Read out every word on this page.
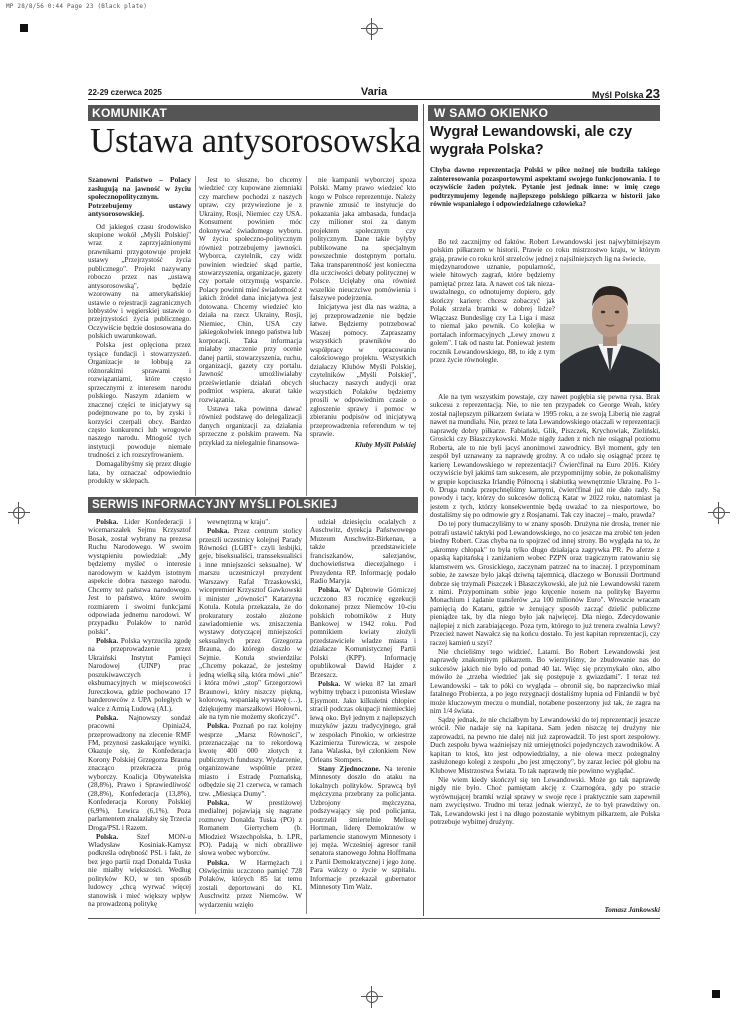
MP 28/8/56 0:44 Page 23 (Black plate)
22-29 czerwca 2025	Varia	Myśl Polska 23
KOMUNIKAT
Ustawa antysorosowska

Szanowni Państwo – Polacy zasługują na jawność w życiu społecznopolitycznym. Potrzebujemy ustawy antysorosowskiej.

Od jakiegoś czasu środowisko skupione wokół „Myśli Polskiej" wraz z zaprzyjaźnionymi prawnikami przygotowuje projekt ustawy „Przejrzystość życia publicznego". Projekt nazywany roboczo przez nas „ustawą antysorosowską", będzie wzorowany na amerykańskiej ustawie o rejestracji zagranicznych lobbystów i węgierskiej ustawie o przejrzystości życia publicznego. Oczywiście będzie dostosowana do polskich uwarunkowań.

Polska jest oplęciona przez tysiące fundacji i stowarzyszeń. Organizacje te lobbują za różnorakimi sprawami i rozwiązaniami, które często sprzecznymi z interesem narodu polskiego. Naszym zdaniem w znacznej części te inicjatywy są podejmowane po to, by zyski i korzyści czerpali obcy. Bardzo często konkurenci lub wrogowie naszego narodu. Mnogość tych instytucji powoduje niemałe trudności z ich rozszyfrowaniem.

Domagalibyśmy się przez długie lata, by oznaczać odpowiednio produkty w sklepach.

Jest to słuszne, bo chcemy wiedzieć czy kupowane ziemniaki czy marchew pochodzi z naszych upraw, czy przywiezione je z Ukrainy, Rosji, Niemiec czy USA. Konsument powinien móc dokonywać świadomego wyboru. W życiu społeczno-politycznym również potrzebujemy jawności. Wyborca, czytelnik, czy widz powinien wiedzieć skąd partie, stowarzyszenia, organizacje, gazety czy portale otrzymują wsparcie. Polacy powinni mieć świadomość z jakich źródeł dana inicjatywa jest dotowana. Chcemy wiedzieć kto działa na rzecz Ukrainy, Rosji, Niemiec, Chin, USA czy jakiegokolwiek innego państwa lub korporacji. Taka informacja miałaby znaczenie przy ocenie danej partii, stowarzyszenia, ruchu, organizacji, gazety czy portalu. Jawność umożliwiałaby prześwietlanie działań obcych podmiot wspiera, akurat takie rozwiązania.

Ustawa taka powinna dawać również podstawę do delegalizacji danych organizacji za działania sprzeczne z polskim prawem. Na przykład za nielegalnie finansowa-

nie kampanii wyborczej spoza Polski. Mamy prawo wiedzieć kto kogo w Polsce reprezentuje. Należy prawnie zmusić te instytucje do pokazania jaka ambasada, fundacja czy milioner stoi za danym projektem społecznym czy politycznym. Dane takie byłyby publikowane na specjalnym powszechnie dostępnym portalu. Taka transparentność jest konieczna dla uczciwości debaty politycznej w Polsce. Ucięłaby ona również wszelkie nieuczciwe pomówienia i fałszywe podejrzenia.

Inicjatywa jest dla nas ważna, a jej przeprowadzenie nie będzie łatwe. Będziemy potrzebować Waszej pomocy. Zapraszamy wszystkich prawników do współpracy w opracowaniu całościowego projektu. Wszystkich działaczy Klubów Myśli Polskiej, czytelników „Myśli Polskiej", słuchaczy naszych audycji oraz wszystkich Polaków będziemy prosili w odpowiednim czasie o zgłoszenie sprawy i pomoc w zbieraniu podpisów od inicjatywą przeprowadzenia referendum w tej sprawie.

Kluby Myśli Polskiej

SERWIS INFORMACYJNY MYŚLI POLSKIEJ

Polska. Lider Konfederacji i wicemarszałek Sejmu Krzysztof Bosak, został wybrany na prezesa Ruchu Narodowego. W swoim wystąpieniu powiedział: „My będziemy myśleć o interesie narodowym w każdym istotnym aspekcie dobra naszego narodu. Chcemy też państwa narodowego. Jest to państwo, które swoim rozmiarem i swoimi funkcjami odpowiada jednemu narodowi. W przypadku Polaków to naród polski".

Polska. Polska wyrzuciła zgodę na przeprowadzenie przez Ukraiński Instytut Pamięci Narodowej (UINP) prac poszukiwawczych i ekshumacyjnych w miejscowości Jureczkowa, gdzie pochowano 17 banderowców z UPA poległych w walce z Armią Ludową (AL).

Polska. Najnowszy sondaż pracowni Opinia24, przeprowadzony na zlecenie RMF FM, przynosi zaskakujące wyniki. Okazuje się, że Konfederacja Korony Polskiej Grzegorza Brauna znacząco przekracza próg wyborczy. Koalicja Obywatelska (28,8%), Prawo i Sprawiedliwość (28,8%), Konfederacja (13,8%), Konfederacja Korony Polskiej (6,9%), Lewica (6,1%). Poza parlamentem znalazłaby się Trzecia Droga/PSL i Razem.

Polska. Szef MON-u Władysław Kosiniak-Kamysz podkreśla odrębność PSL i fakt, że bez jego partii rząd Donalda Tuska nie miałby większości. Według polityków KO, w ten sposób ludowcy „chcą wyrwać więcej stanowisk i mieć większy wpływ na prowadzoną politykę

wewnętrzną w kraju".

Polska. Przez centrum stolicy przeszli uczestnicy kolejnej Parady Równości (LGBT+ czyli lesbijki, geje, biseksualiści, transseksualiści i inne mniejszości seksualne). W marszu uczestniczył prezydent Warszawy Rafał Trzaskowski, wicepremier Krzysztof Gawkowski i minister „równości" Katarzyna Kotula. Kotula przekazała, że do prokuratury zostało złożone zawiadomienie ws. zniszczenia wystawy dotyczącej mniejszości seksualnych przez Grzegorza Brauna, do którego doszło w Sejmie. Kotula stwierdziła: „Chcemy pokazać, że jesteśmy jedną wielką siłą, która mówi „nie" i która mówi „stop" Grzegorzowi Braunowi, który niszczy piękną, kolorową, wspaniałą wystawę (…), dziękujemy marszałkowi Hołowni, ale na tym nie możemy skończyć".

Polska. Poznań po raz kolejny wesprze „Marsz Równości", przeznaczając na to rekordową kwotę 400 000 złotych z publicznych funduszy. Wydarzenie, organizowane wspólnie przez miasto i Estradę Poznańską, odbędzie się 21 czerwca, w ramach tzw. „Miesiąca Dumy".

Polska. W prestiżowej medialnej pojawiają się nagrane rozmowy Donalda Tuska (PO) z Romanem Giertychem (b. Młodzież Wszechpolska, b. LPR, PO). Padają w nich obraźliwe słowa wobec wyborców.

Polska. W Harmężach i Oświęcimiu uczczono pamięć 728 Polaków, których 85 lat temu zostali deportowani do KL Auschwitz przez Niemców. W wydarzeniu wzięło

udział dziesięciu ocalałych z Auschwitz, dyrekcja Państwowego Muzeum Auschwitz-Birkenau, a także przedstawiciele franciszkanów, salezjanów, duchowieństwa diecezjalnego i Prezydenta RP. Informację podało Radio Maryja.

Polska. W Dąbrowie Górniczej uczczono 83 rocznicę egzekucji dokonanej przez Niemców 10-ciu polskich robotników z Huty Bankowej w 1942 roku. Pod pomnikiem kwiaty złożyli przedstawiciele władze miasta i działacze Komunistycznej Partii Polski (KPP). Informację opublikował Dawid Hajder z Brzeszcz.

Polska. W wieku 87 lat zmarł wybitny trębacz i puzonista Wiesław Ejsymont. Jako kilkuletni chłopiec stracił podczas okupacji niemieckiej lewą oko. Był jednym z najlepszych muzyków jazzu tradycyjnego, grał w zespołach Pinokio, w orkiestrze Kazimierza Turewicza, w zespole Jana Walaska, był członkiem New Orleans Stompers.

Stany Zjednoczone. Na terenie Minnesoty doszło do ataku na lokalnych polityków. Sprawcą był mężczyzna przebrany za policjanta. Uzbrojony mężczyzna, podszywający się pod policjanta, postrzelił śmiertelnie Melissę Hortman, liderę Demokratów w parlamencie stanowym Minnesoty i jej męża. Wcześniej agresor ranił senatora stanowego Johna Hoffmana z Partii Demokratycznej i jego żonę. Para walczy o życie w szpitalu. Informacje przekazał gubernator Minnesoty Tim Walz.

W SAMO OKIENKO
Wygrał Lewandowski, ale czy
wygrała Polska?

Chyba dawno reprezentacja Polski w piłce nożnej nie budziła takiego zainteresowania pozasportowymi aspektami swojego funkcjonowania. I to oczywiście żaden pożytek. Pytanie jest jednak inne: w imię czego podtrzymujemy legendę najlepszego polskiego piłkarza w historii jako równie wspaniałego i odpowiedzialnego człowieka?

Bo też zacznijmy od faktów. Robert Lewandowski jest najwybitniejszym polskim piłkarzem w historii. Prawie co roku mistrzostwo kraju, w którym grają, prawie co roku król strzelców jednej z najsilniejszych lig na świecie,

międzynarodowe uznanie, popularność, wiele hitowych zagrań, które będziemy pamiętać przez lata. A nawet coś tak niezauważalnego, co odnotujemy dopiero, gdy skończy karierę: chcesz zobaczyć jak Polak strzela bramki w dobrej lidze? Włączasz Bundesligę czy La Liga i masz to niemal jako pewnik. Co kolejka w portalach informacyjnych „Lewy znowu z golem". I tak od nastu lat. Ponieważ jestem rocznik Lewandowskiego, 88, to idę z tym przez życie równolegle.

Ale na tym wszystkim powstaje, czy nawet pogłębia się pewna rysa. Brak sukcesu z reprezentacją. Nie, to nie ten przypadek co George Weah, który został najlepszym piłkarzem świata w 1995 roku, a ze swoją Liberią nie zagrał nawet na mundialu. Nie, przez te lata Lewandowskiego otaczali w reprezentacji naprawdę dobry piłkarze. Fabiański, Glik, Piszczek, Krychowiak, Zieliński, Grosicki czy Błaszczykowski. Może nigdy żaden z nich nie osiągnął poziomu Roberta, ale to nie byli jacyś anonimowi zawodnicy. Był moment, gdy ten zespół był uznawany za naprawdę groźny. A co udało się osiągnąć przez tę karierę Lewandowskiego w reprezentacji? Ćwierćfinał na Euro 2016. Który oczywiście był jakimś tam sukcesem, ale przypomnijmy sobie, że pokonaliśmy w grupie kopciuszka Irlandię Północną i słabiutką wewnętrznie Ukrainę. Po 1-0. Druga runda przepchnęliśmy karnymi, ćwierćfinał już nie dało rady. Są powody i tacy, którzy do sukcesów doliczą Katar w 2022 roku, natomiast ja jestem z tych, którzy konsekwentnie będą uważać to za niesportowe, bo dostaliśmy się po odmowie gry z Rosjanami. Tak czy inaczej – mało, prawda?

Do tej pory tłumaczyliśmy to w znany sposób. Drużyna nie drosła, trener nie potrafi ustawić taktyki pod Lewandowskiego, no co jeszcze ma zrobić ten jeden biedny Robert. Czas chyba na to spojrzeć od innej strony. Bo wygląda na to, że „skromny chłopak" to była tylko długo działająca zagrywka PR. Po aferze z opaską kapitańską i zaniżaniem wobec PZPN oraz tragicznym ratowaniu się kłamstwem ws. Grosickiego, zaczynam patrzeć na to inaczej. I przypominam sobie, że zawsze było jakąś dziwną tajemnicą, dlaczego w Borussii Dortmund dobrze się trzymali Piszczek i Błaszczykowski, ale już nie Lewandowski razem z nimi. Przypominam sobie jego kręcenie nosem na politykę Bayernu Monachium i żądanie transferów „za 100 milionów Euro". Wreszcie wracam pamięcią do Kataru, gdzie w żenujący sposób zacząć dzielić publiczne pieniądze tak, by dla niego było jak najwięcej. Dla niego. Zdecydowanie najlepiej z nich zarabiającego. Poza tym, którego to już trenera zwalnia Lewy? Przecież nawet Nawałcz się na końcu dostało. To jest kapitan reprezentacji, czy raczej kamień u szyi?

Nie chcieliśmy tego widzieć. Latami. Bo Robert Lewandowski jest naprawdę znakomitym piłkarzem. Bo wierzyliśmy, że zbudowanie nas do sukcesów jakich nie było od ponad 40 lat. Więc się przymykało oko, albo mówiło że „trzeba wiedzieć jak się postępuje z gwiazdami". I teraz też Lewandowski – tak to póki co wygląda – obronił się, bo naprzeciwko miał fatalnego Probierza, a po jego rezygnacji dostaliśmy łupnia od Finlandii w być może kluczowym meczu o mundial, notabene poszerzony już tak, że zagra na nim 1/4 świata.

Sądzę jednak, że nie chciałbym by Lewandowski do tej reprezentacji jeszcze wrócił. Nie nadaje się na kapitana. Sam jeden niszczę tej drużyny nie zaprowadzi, na pewno nie dalej niż już zaprowadził. To jest sport zespołowy. Duch zespołu bywa ważniejszy niż umiejętności pojedynczych zawodników. A kapitan to ktoś, kto jest odpowiedzialny, a nie olewa mecz pożegnalny zasłużonego kolegi z zespołu „bo jest zmęczony", by zaraz leciec pół globu na Klubowe Mistrzostwa Świata. To tak naprawdę nie powinno wyglądać.

Nie wiem kiedy skończył się ten Lewandowski. Może go tak naprawdę nigdy nie było. Choć pamiętam akcję z Czarnogóra, gdy po stracie wyrównującej bramki wziął sprawy w swoje ręce i praktycznie sam zapewnił nam zwycięstwo. Trudno mi teraz jednak wierzyć, że to był prawdziwy on. Tak, Lewandowski jest i na długo pozostanie wybitnym piłkarzem, ale Polska potrzebuje wybitnej drużyny.

Tomasz Jankowski
